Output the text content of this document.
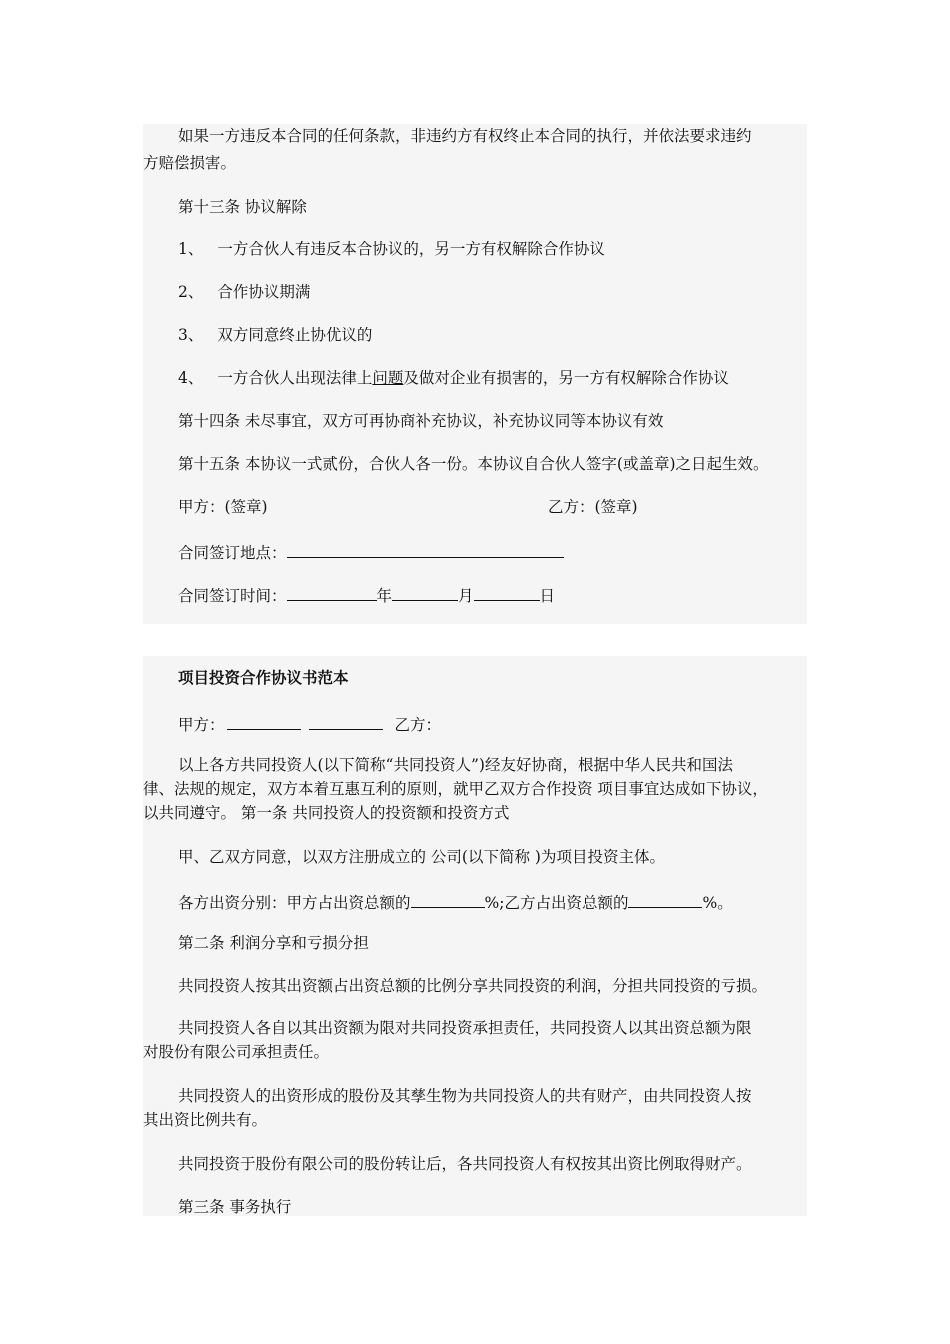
如果一方违反本合同的任何条款，非违约方有权终止本合同的执行，并依法要求违约
方赔偿损害。
第十三条 协议解除
1、 一方合伙人有违反本合协议的，另一方有权解除合作协议
2、 合作协议期满
3、 双方同意终止协优议的
4、 一方合伙人出现法律上问题及做对企业有损害的，另一方有权解除合作协议
第十四条 未尽事宜，双方可再协商补充协议，补充协议同等本协议有效
第十五条 本协议一式贰份，合伙人各一份。本协议自合伙人签字(或盖章)之日起生效。
甲方：(签章)	乙方：(签章)
合同签订地点：
合同签订时间：	年	月	日
项目投资合作协议书范本
甲方：	乙方：
以上各方共同投资人(以下简称“共同投资人”)经友好协商，根据中华人民共和国法
律、法规的规定，双方本着互惠互利的原则，就甲乙双方合作投资 项目事宜达成如下协议，
以共同遵守。 第一条 共同投资人的投资额和投资方式
甲、乙双方同意，以双方注册成立的 公司(以下简称 )为项目投资主体。
各方出资分别：甲方占出资总额的	%;乙方占出资总额的	%。
第二条 利润分享和亏损分担
共同投资人按其出资额占出资总额的比例分享共同投资的利润，分担共同投资的亏损。
共同投资人各自以其出资额为限对共同投资承担责任，共同投资人以其出资总额为限
对股份有限公司承担责任。
共同投资人的出资形成的股份及其孳生物为共同投资人的共有财产，由共同投资人按
其出资比例共有。
共同投资于股份有限公司的股份转让后，各共同投资人有权按其出资比例取得财产。
第三条 事务执行
